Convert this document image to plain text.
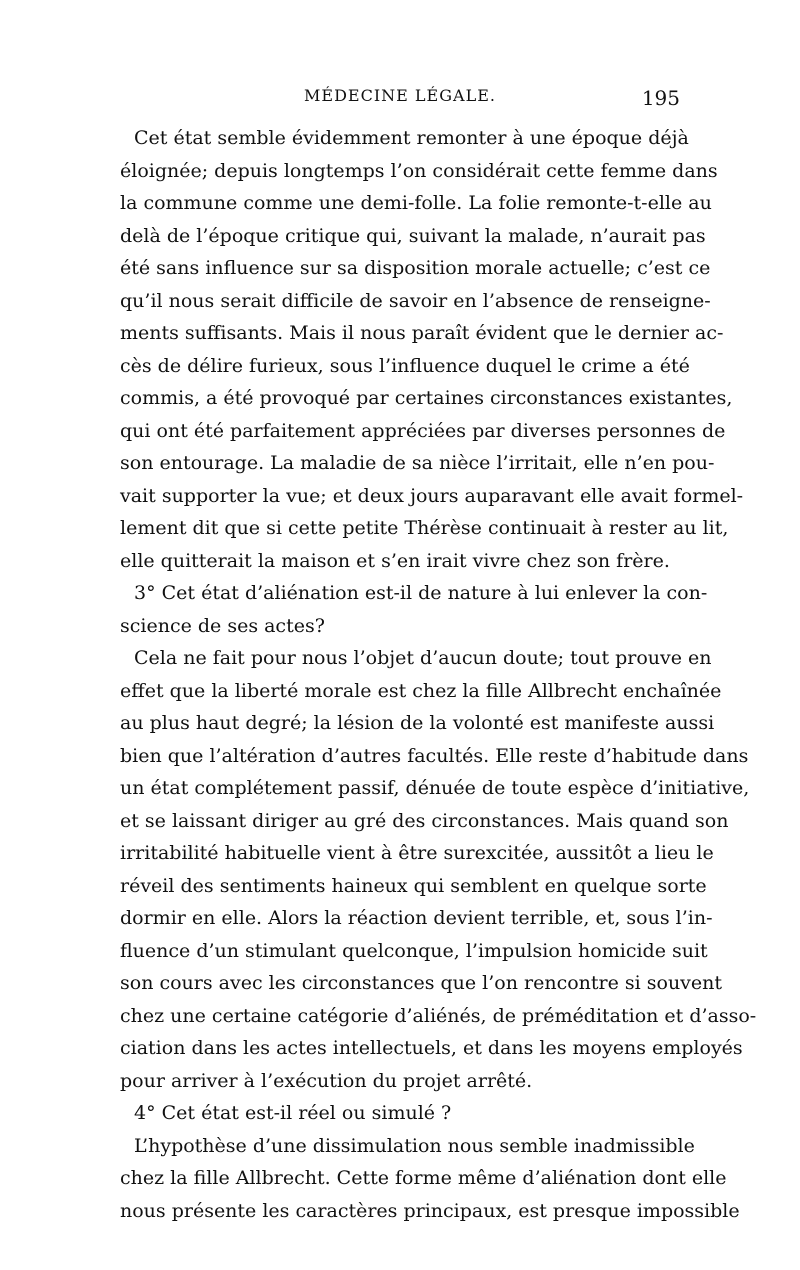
MÉDECINE LÉGALE.	195
Cet état semble évidemment remonter à une époque déjà
éloignée; depuis longtemps l’on considérait cette femme dans
la commune comme une demi-folle. La folie remonte-t-elle au
delà de l’époque critique qui, suivant la malade, n’aurait pas
été sans influence sur sa disposition morale actuelle; c’est ce
qu’il nous serait difficile de savoir en l’absence de renseigne-
ments suffisants. Mais il nous paraît évident que le dernier ac-
cès de délire furieux, sous l’influence duquel le crime a été
commis, a été provoqué par certaines circonstances existantes,
qui ont été parfaitement appréciées par diverses personnes de
son entourage. La maladie de sa nièce l’irritait, elle n’en pou-
vait supporter la vue; et deux jours auparavant elle avait formel-
lement dit que si cette petite Thérèse continuait à rester au lit,
elle quitterait la maison et s’en irait vivre chez son frère.
3° Cet état d’aliénation est-il de nature à lui enlever la con-
science de ses actes?
Cela ne fait pour nous l’objet d’aucun doute; tout prouve en
effet que la liberté morale est chez la fille Allbrecht enchaînée
au plus haut degré; la lésion de la volonté est manifeste aussi
bien que l’altération d’autres facultés. Elle reste d’habitude dans
un état complétement passif, dénuée de toute espèce d’initiative,
et se laissant diriger au gré des circonstances. Mais quand son
irritabilité habituelle vient à être surexcitée, aussitôt a lieu le
réveil des sentiments haineux qui semblent en quelque sorte
dormir en elle. Alors la réaction devient terrible, et, sous l’in-
fluence d’un stimulant quelconque, l’impulsion homicide suit
son cours avec les circonstances que l’on rencontre si souvent
chez une certaine catégorie d’aliénés, de préméditation et d’asso-
ciation dans les actes intellectuels, et dans les moyens employés
pour arriver à l’exécution du projet arrêté.
4° Cet état est-il réel ou simulé ?
L’hypothèse d’une dissimulation nous semble inadmissible
chez la fille Allbrecht. Cette forme même d’aliénation dont elle
nous présente les caractères principaux, est presque impossible
